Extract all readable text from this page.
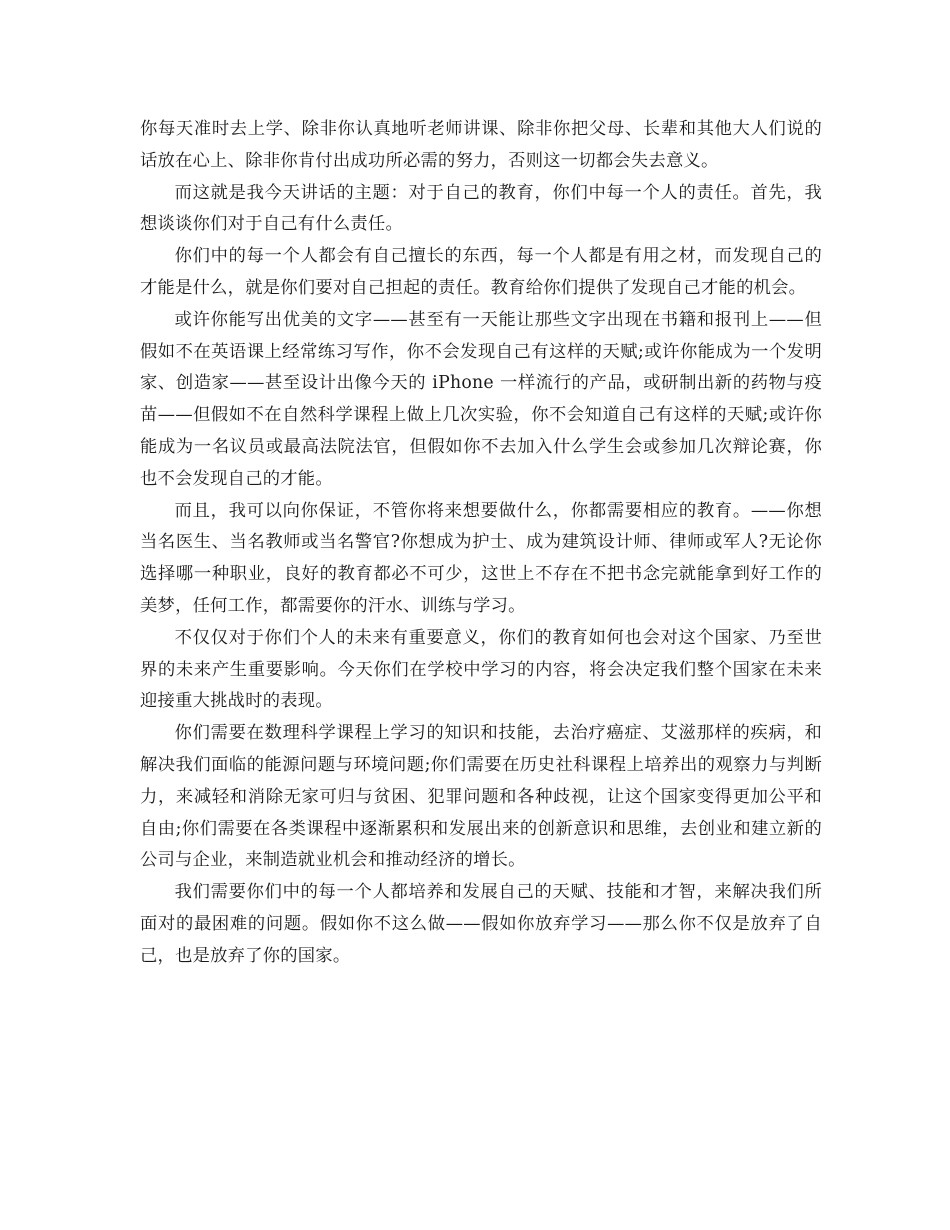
你每天准时去上学、除非你认真地听老师讲课、除非你把父母、长辈和其他大人们说的话放在心上、除非你肯付出成功所必需的努力，否则这一切都会失去意义。

而这就是我今天讲话的主题：对于自己的教育，你们中每一个人的责任。首先，我想谈谈你们对于自己有什么责任。

你们中的每一个人都会有自己擅长的东西，每一个人都是有用之材，而发现自己的才能是什么，就是你们要对自己担起的责任。教育给你们提供了发现自己才能的机会。

或许你能写出优美的文字——甚至有一天能让那些文字出现在书籍和报刊上——但假如不在英语课上经常练习写作，你不会发现自己有这样的天赋;或许你能成为一个发明家、创造家——甚至设计出像今天的 iPhone 一样流行的产品，或研制出新的药物与疫苗——但假如不在自然科学课程上做上几次实验，你不会知道自己有这样的天赋;或许你能成为一名议员或最高法院法官，但假如你不去加入什么学生会或参加几次辩论赛，你也不会发现自己的才能。

而且，我可以向你保证，不管你将来想要做什么，你都需要相应的教育。——你想当名医生、当名教师或当名警官?你想成为护士、成为建筑设计师、律师或军人?无论你选择哪一种职业，良好的教育都必不可少，这世上不存在不把书念完就能拿到好工作的美梦，任何工作，都需要你的汗水、训练与学习。

不仅仅对于你们个人的未来有重要意义，你们的教育如何也会对这个国家、乃至世界的未来产生重要影响。今天你们在学校中学习的内容，将会决定我们整个国家在未来迎接重大挑战时的表现。

你们需要在数理科学课程上学习的知识和技能，去治疗癌症、艾滋那样的疾病，和解决我们面临的能源问题与环境问题;你们需要在历史社科课程上培养出的观察力与判断力，来减轻和消除无家可归与贫困、犯罪问题和各种歧视，让这个国家变得更加公平和自由;你们需要在各类课程中逐渐累积和发展出来的创新意识和思维，去创业和建立新的公司与企业，来制造就业机会和推动经济的增长。

我们需要你们中的每一个人都培养和发展自己的天赋、技能和才智，来解决我们所面对的最困难的问题。假如你不这么做——假如你放弃学习——那么你不仅是放弃了自己，也是放弃了你的国家。
